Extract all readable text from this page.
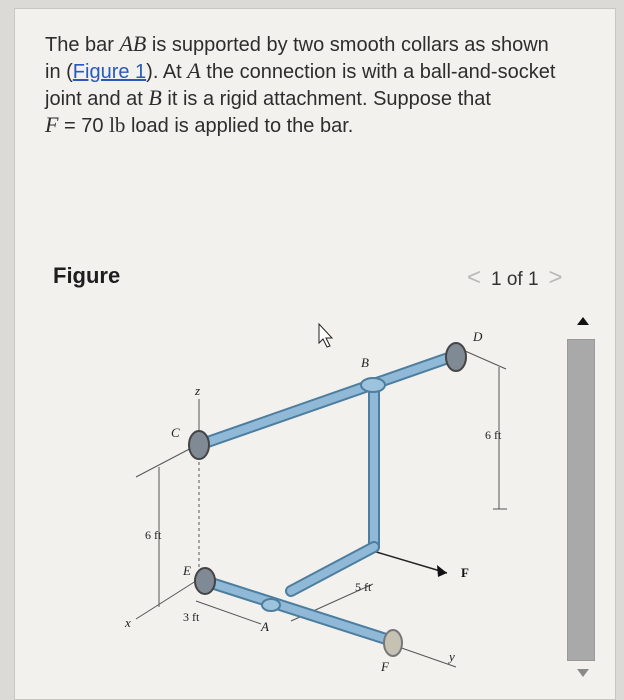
The bar AB is supported by two smooth collars as shown in (Figure 1). At A the connection is with a ball-and-socket joint and at B it is a rigid attachment. Suppose that
F = 70 lb load is applied to the bar.
Figure	< 1 of 1 >
z
C
B
D
E
A
F
x
y
F
6 ft
6 ft
5 ft
3 ft
